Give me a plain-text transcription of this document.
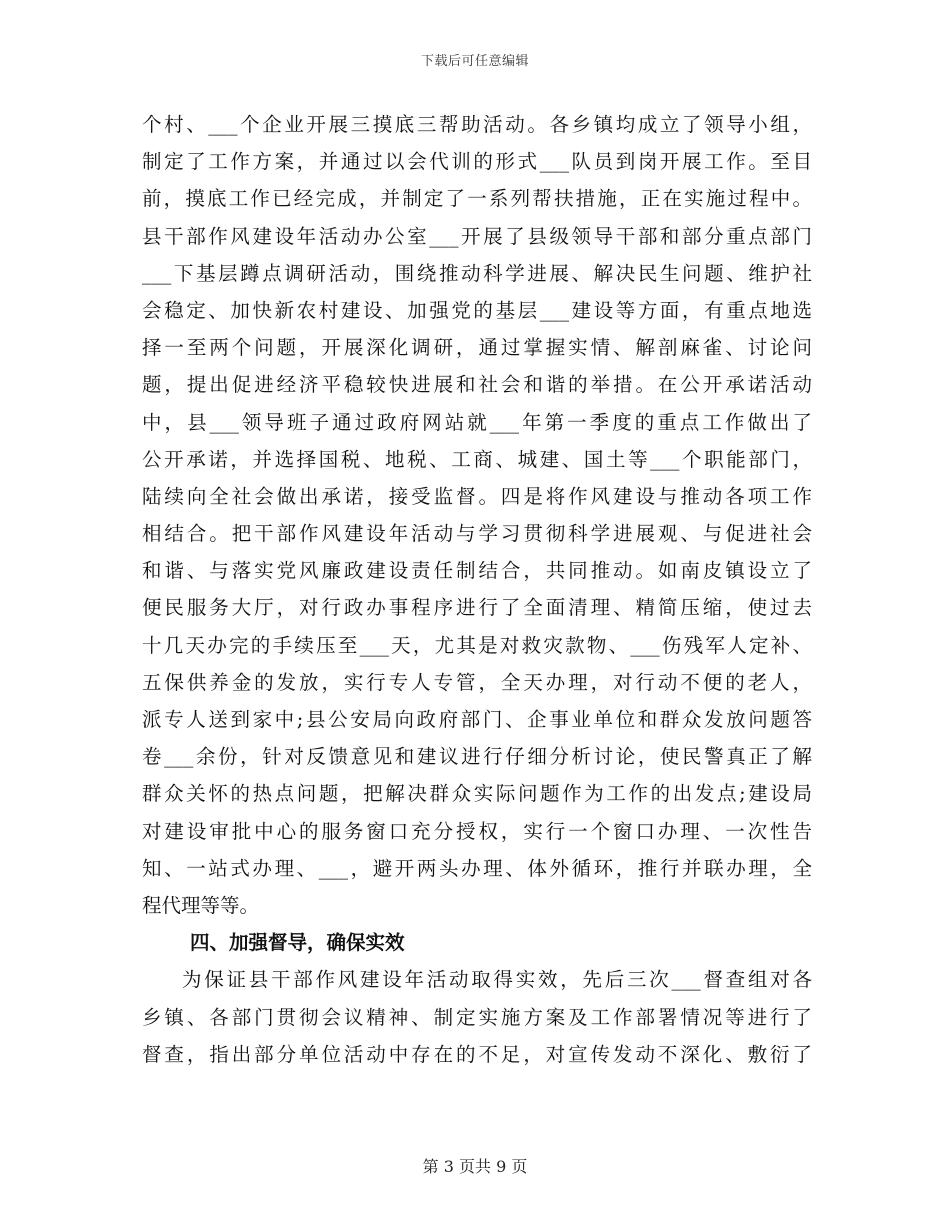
下载后可任意编辑
个村、___个企业开展三摸底三帮助活动。各乡镇均成立了领导小组，
制定了工作方案，并通过以会代训的形式___队员到岗开展工作。至目
前，摸底工作已经完成，并制定了一系列帮扶措施，正在实施过程中。
县干部作风建设年活动办公室___开展了县级领导干部和部分重点部门
___下基层蹲点调研活动，围绕推动科学进展、解决民生问题、维护社
会稳定、加快新农村建设、加强党的基层___建设等方面，有重点地选
择一至两个问题，开展深化调研，通过掌握实情、解剖麻雀、讨论问
题，提出促进经济平稳较快进展和社会和谐的举措。在公开承诺活动
中，县___领导班子通过政府网站就___年第一季度的重点工作做出了
公开承诺，并选择国税、地税、工商、城建、国土等___个职能部门，
陆续向全社会做出承诺，接受监督。四是将作风建设与推动各项工作
相结合。把干部作风建设年活动与学习贯彻科学进展观、与促进社会
和谐、与落实党风廉政建设责任制结合，共同推动。如南皮镇设立了
便民服务大厅，对行政办事程序进行了全面清理、精简压缩，使过去
十几天办完的手续压至___天，尤其是对救灾款物、___伤残军人定补、
五保供养金的发放，实行专人专管，全天办理，对行动不便的老人，
派专人送到家中;县公安局向政府部门、企事业单位和群众发放问题答
卷___余份，针对反馈意见和建议进行仔细分析讨论，使民警真正了解
群众关怀的热点问题，把解决群众实际问题作为工作的出发点;建设局
对建设审批中心的服务窗口充分授权，实行一个窗口办理、一次性告
知、一站式办理、___，避开两头办理、体外循环，推行并联办理，全
程代理等等。
四、加强督导，确保实效
为保证县干部作风建设年活动取得实效，先后三次___督查组对各
乡镇、各部门贯彻会议精神、制定实施方案及工作部署情况等进行了
督查，指出部分单位活动中存在的不足，对宣传发动不深化、敷衍了
第 3 页共 9 页
